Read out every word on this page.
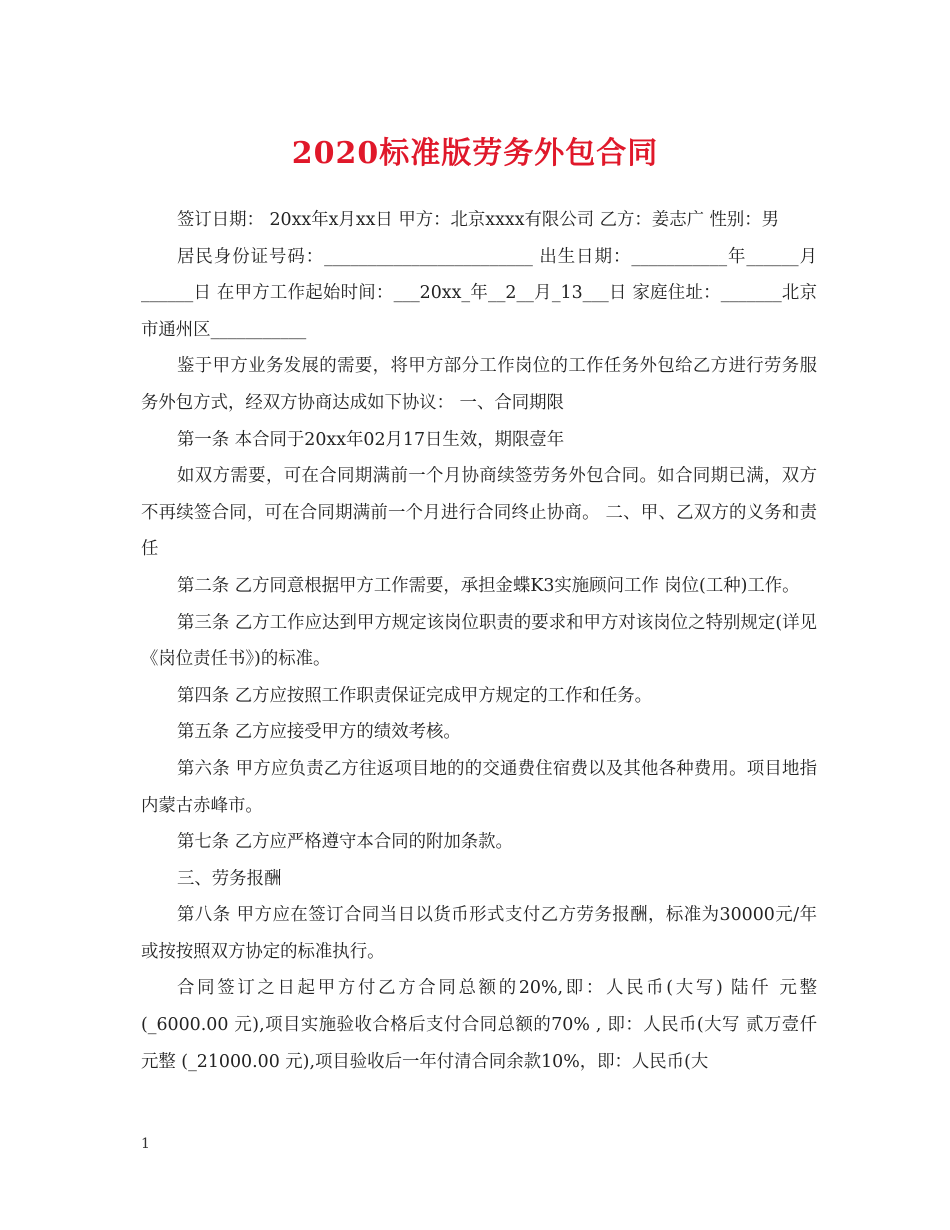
2020标准版劳务外包合同

签订日期： 20xx年x月xx日 甲方：北京xxxx有限公司 乙方：姜志广 性别：男

居民身份证号码：________________________ 出生日期：___________年______月______日 在甲方工作起始时间：___20xx_年__2__月_13___日 家庭住址：_______北京市通州区___________

鉴于甲方业务发展的需要，将甲方部分工作岗位的工作任务外包给乙方进行劳务服务外包方式，经双方协商达成如下协议： 一、合同期限

第一条 本合同于20xx年02月17日生效，期限壹年

如双方需要，可在合同期满前一个月协商续签劳务外包合同。如合同期已满，双方不再续签合同，可在合同期满前一个月进行合同终止协商。 二、甲、乙双方的义务和责任

第二条 乙方同意根据甲方工作需要，承担金蝶K3实施顾问工作 岗位(工种)工作。

第三条 乙方工作应达到甲方规定该岗位职责的要求和甲方对该岗位之特别规定(详见《岗位责任书》)的标准。

第四条 乙方应按照工作职责保证完成甲方规定的工作和任务。

第五条 乙方应接受甲方的绩效考核。

第六条 甲方应负责乙方往返项目地的的交通费住宿费以及其他各种费用。项目地指内蒙古赤峰市。

第七条 乙方应严格遵守本合同的附加条款。

三、劳务报酬

第八条 甲方应在签订合同当日以货币形式支付乙方劳务报酬，标准为30000元/年或按按照双方协定的标准执行。

合同签订之日起甲方付乙方合同总额的20%,即：人民币(大写) 陆仟 元整(_6000.00 元),项目实施验收合格后支付合同总额的70% , 即：人民币(大写 贰万壹仟 元整 (_21000.00 元),项目验收后一年付清合同余款10%，即：人民币(大

1
